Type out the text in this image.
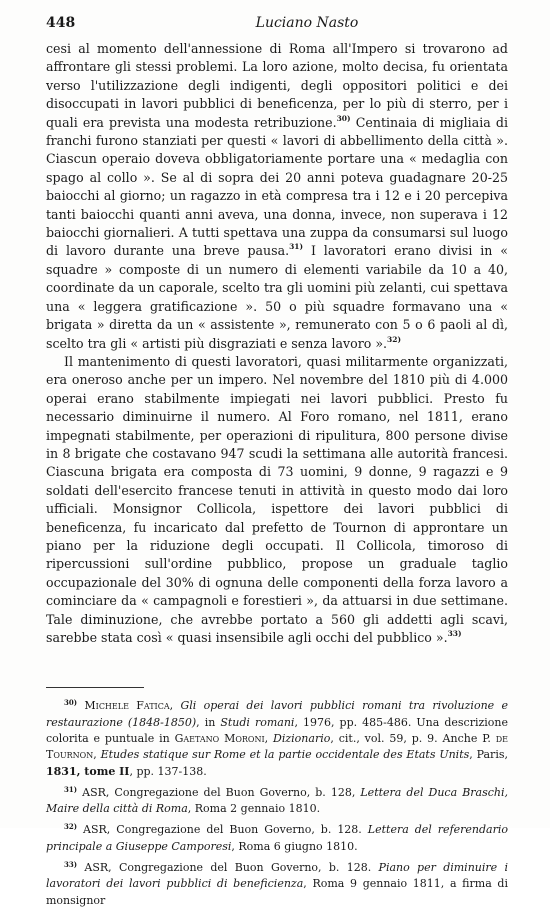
448	Luciano Nasto

cesi al momento dell'annessione di Roma all'Impero si trovarono ad affrontare gli stessi problemi. La loro azione, molto decisa, fu orientata verso l'utilizzazione degli indigenti, degli oppositori politici e dei disoccupati in lavori pubblici di beneficenza, per lo più di sterro, per i quali era prevista una modesta retribuzione.$^{30)}$ Centinaia di migliaia di franchi furono stanziati per questi « lavori di abbellimento della città ». Ciascun operaio doveva obbligatoriamente portare una « medaglia con spago al collo ». Se al di sopra dei 20 anni poteva guadagnare 20-25 baiocchi al giorno; un ragazzo in età compresa tra i 12 e i 20 percepiva tanti baiocchi quanti anni aveva, una donna, invece, non superava i 12 baiocchi giornalieri. A tutti spettava una zuppa da consumarsi sul luogo di lavoro durante una breve pausa.$^{31)}$ I lavoratori erano divisi in « squadre » composte di un numero di elementi variabile da 10 a 40, coordinate da un caporale, scelto tra gli uomini più zelanti, cui spettava una « leggera gratificazione ». 50 o più squadre formavano una « brigata » diretta da un « assistente », remunerato con 5 o 6 paoli al dì, scelto tra gli « artisti più disgraziati e senza lavoro ».$^{32)}$

Il mantenimento di questi lavoratori, quasi militarmente organizzati, era oneroso anche per un impero. Nel novembre del 1810 più di 4.000 operai erano stabilmente impiegati nei lavori pubblici. Presto fu necessario diminuirne il numero. Al Foro romano, nel 1811, erano impegnati stabilmente, per operazioni di ripulitura, 800 persone divise in 8 brigate che costavano 947 scudi la settimana alle autorità francesi. Ciascuna brigata era composta di 73 uomini, 9 donne, 9 ragazzi e 9 soldati dell'esercito francese tenuti in attività in questo modo dai loro ufficiali. Monsignor Collicola, ispettore dei lavori pubblici di beneficenza, fu incaricato dal prefetto de Tournon di approntare un piano per la riduzione degli occupati. Il Collicola, timoroso di ripercussioni sull'ordine pubblico, propose un graduale taglio occupazionale del 30% di ognuna delle componenti della forza lavoro a cominciare da « campagnoli e forestieri », da attuarsi in due settimane. Tale diminuzione, che avrebbe portato a 560 gli addetti agli scavi, sarebbe stata così « quasi insensibile agli occhi del pubblico ».$^{33)}$

$^{30)}$ Michele Fatica, Gli operai dei lavori pubblici romani tra rivoluzione e restaurazione (1848-1850), in Studi romani, 1976, pp. 485-486. Una descrizione colorita e puntuale in Gaetano Moroni, Dizionario, cit., vol. 59, p. 9. Anche P. de Tournon, Etudes statique sur Rome et la partie occidentale des Etats Units, Paris, 1831, tome II, pp. 137-138.

$^{31)}$ ASR, Congregazione del Buon Governo, b. 128, Lettera del Duca Braschi, Maire della città di Roma, Roma 2 gennaio 1810.

$^{32)}$ ASR, Congregazione del Buon Governo, b. 128. Lettera del referendario principale a Giuseppe Camporesi, Roma 6 giugno 1810.

$^{33)}$ ASR, Congregazione del Buon Governo, b. 128. Piano per diminuire i lavoratori dei lavori pubblici di beneficienza, Roma 9 gennaio 1811, a firma di monsignor
